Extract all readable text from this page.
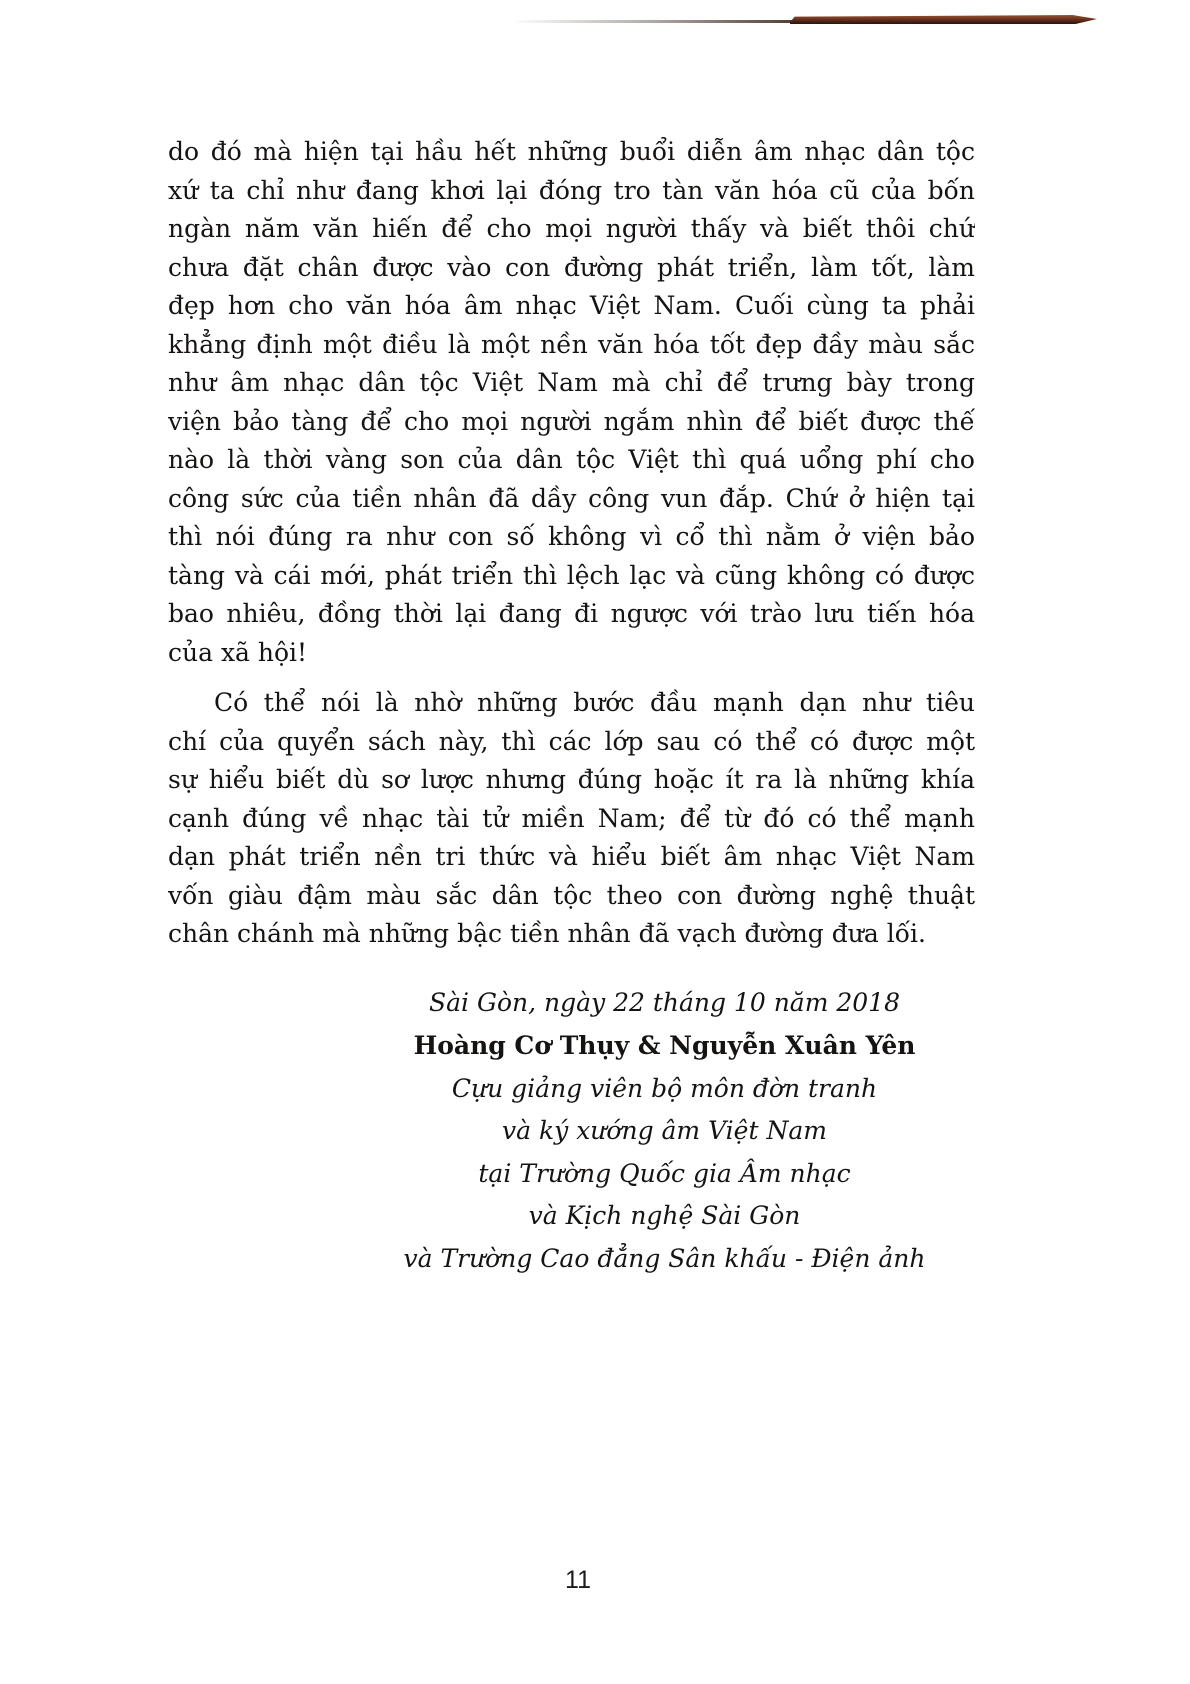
do đó mà hiện tại hầu hết những buổi diễn âm nhạc dân tộc
xứ ta chỉ như đang khơi lại đóng tro tàn văn hóa cũ của bốn
ngàn năm văn hiến để cho mọi người thấy và biết thôi chứ
chưa đặt chân được vào con đường phát triển, làm tốt, làm
đẹp hơn cho văn hóa âm nhạc Việt Nam. Cuối cùng ta phải
khẳng định một điều là một nền văn hóa tốt đẹp đầy màu sắc
như âm nhạc dân tộc Việt Nam mà chỉ để trưng bày trong
viện bảo tàng để cho mọi người ngắm nhìn để biết được thế
nào là thời vàng son của dân tộc Việt thì quá uổng phí cho
công sức của tiền nhân đã dầy công vun đắp. Chứ ở hiện tại
thì nói đúng ra như con số không vì cổ thì nằm ở viện bảo
tàng và cái mới, phát triển thì lệch lạc và cũng không có được
bao nhiêu, đồng thời lại đang đi ngược với trào lưu tiến hóa
của xã hội!
Có thể nói là nhờ những bước đầu mạnh dạn như tiêu
chí của quyển sách này, thì các lớp sau có thể có được một
sự hiểu biết dù sơ lược nhưng đúng hoặc ít ra là những khía
cạnh đúng về nhạc tài tử miền Nam; để từ đó có thể mạnh
dạn phát triển nền tri thức và hiểu biết âm nhạc Việt Nam
vốn giàu đậm màu sắc dân tộc theo con đường nghệ thuật
chân chánh mà những bậc tiền nhân đã vạch đường đưa lối.
Sài Gòn, ngày 22 tháng 10 năm 2018
Hoàng Cơ Thụy & Nguyễn Xuân Yên
Cựu giảng viên bộ môn đờn tranh
và ký xướng âm Việt Nam
tại Trường Quốc gia Âm nhạc
và Kịch nghệ Sài Gòn
và Trường Cao đẳng Sân khấu - Điện ảnh
11
